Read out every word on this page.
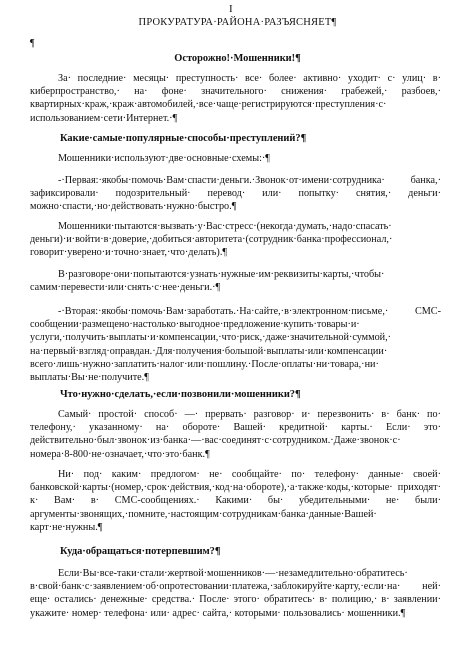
I
ПРОКУРАТУРА·РАЙОНА·РАЗЪЯСНЯЕТ¶
¶
Осторожно!·Мошенники!¶
За· последние· месяцы· преступность· все· более· активно· уходит· с· улиц· в· киберпространство,· на· фоне· значительного· снижения· грабежей,· разбоев,· квартирных·краж,·краж·автомобилей,·все·чаще·регистрируются·преступления·с· использованием·сети·Интернет.·¶
Какие·самые·популярные·способы·преступлений?¶
Мошенники·используют·две·основные·схемы:·¶
-·Первая:·якобы·помочь·Вам·спасти·деньги.·Звонок·от·имени·сотрудника· банка,· зафиксировали· подозрительный· перевод· или· попытку· снятия,· деньги· можно·спасти,·но·действовать·нужно·быстро.¶
Мошенники·пытаются·вызвать·у·Вас·стресс·(некогда·думать,·надо·спасать· деньги)·и·войти·в·доверие,·добиться·авторитета·(сотрудник·банка·профессионал,· говорит·уверено·и·точно·знает,·что·делать).¶
В·разговоре·они·попытаются·узнать·нужные·им·реквизиты·карты,·чтобы· самим·перевести·или·снять·с·нее·деньги.·¶
-·Вторая:·якобы·помочь·Вам·заработать.·На·сайте,·в·электронном·письме,· СМС-сообщении·размещено·настолько·выгодное·предложение·купить·товары·и· услуги,·получить·выплаты·и·компенсации,·что·риск,·даже·значительной·суммой,· на·первый·взгляд·оправдан.·Для·получения·большой·выплаты·или·компенсации· всего·лишь·нужно·заплатить·налог·или·пошлину.·После·оплаты·ни·товара,·ни· выплаты·Вы·не·получите.¶
Что·нужно·сделать,·если·позвонили·мошенники?¶
Самый· простой· способ· —· прервать· разговор· и· перезвонить· в· банк· по· телефону,· указанному· на· обороте· Вашей· кредитной· карты.· Если· это· действительно·был·звонок·из·банка·—·вас·соединят·с·сотрудником.·Даже·звонок·с· номера·8-800·не·означает,·что·это·банк.¶
Ни· под· каким· предлогом· не· сообщайте· по· телефону· данные· своей· банковской·карты·(номер,·срок·действия,·код·на·обороте),·а·также·коды,·которые· приходят· к· Вам· в· СМС-сообщениях.· Какими· бы· убедительными· не· были· аргументы·звонящих,·помните,·настоящим·сотрудникам·банка·данные·Вашей· карт·не·нужны.¶
Куда·обращаться·потерпевшим?¶
Если·Вы·все-таки·стали·жертвой·мошенников·—·незамедлительно·обратитесь· в·свой·банк·с·заявлением·об·опротестовании·платежа,·заблокируйте·карту,·если·на· ней· еще· остались· денежные· средства.· После· этого· обратитесь· в· полицию,· в· заявлении· укажите· номер· телефона· или· адрес· сайта,· которыми· пользовались· мошенники.¶
